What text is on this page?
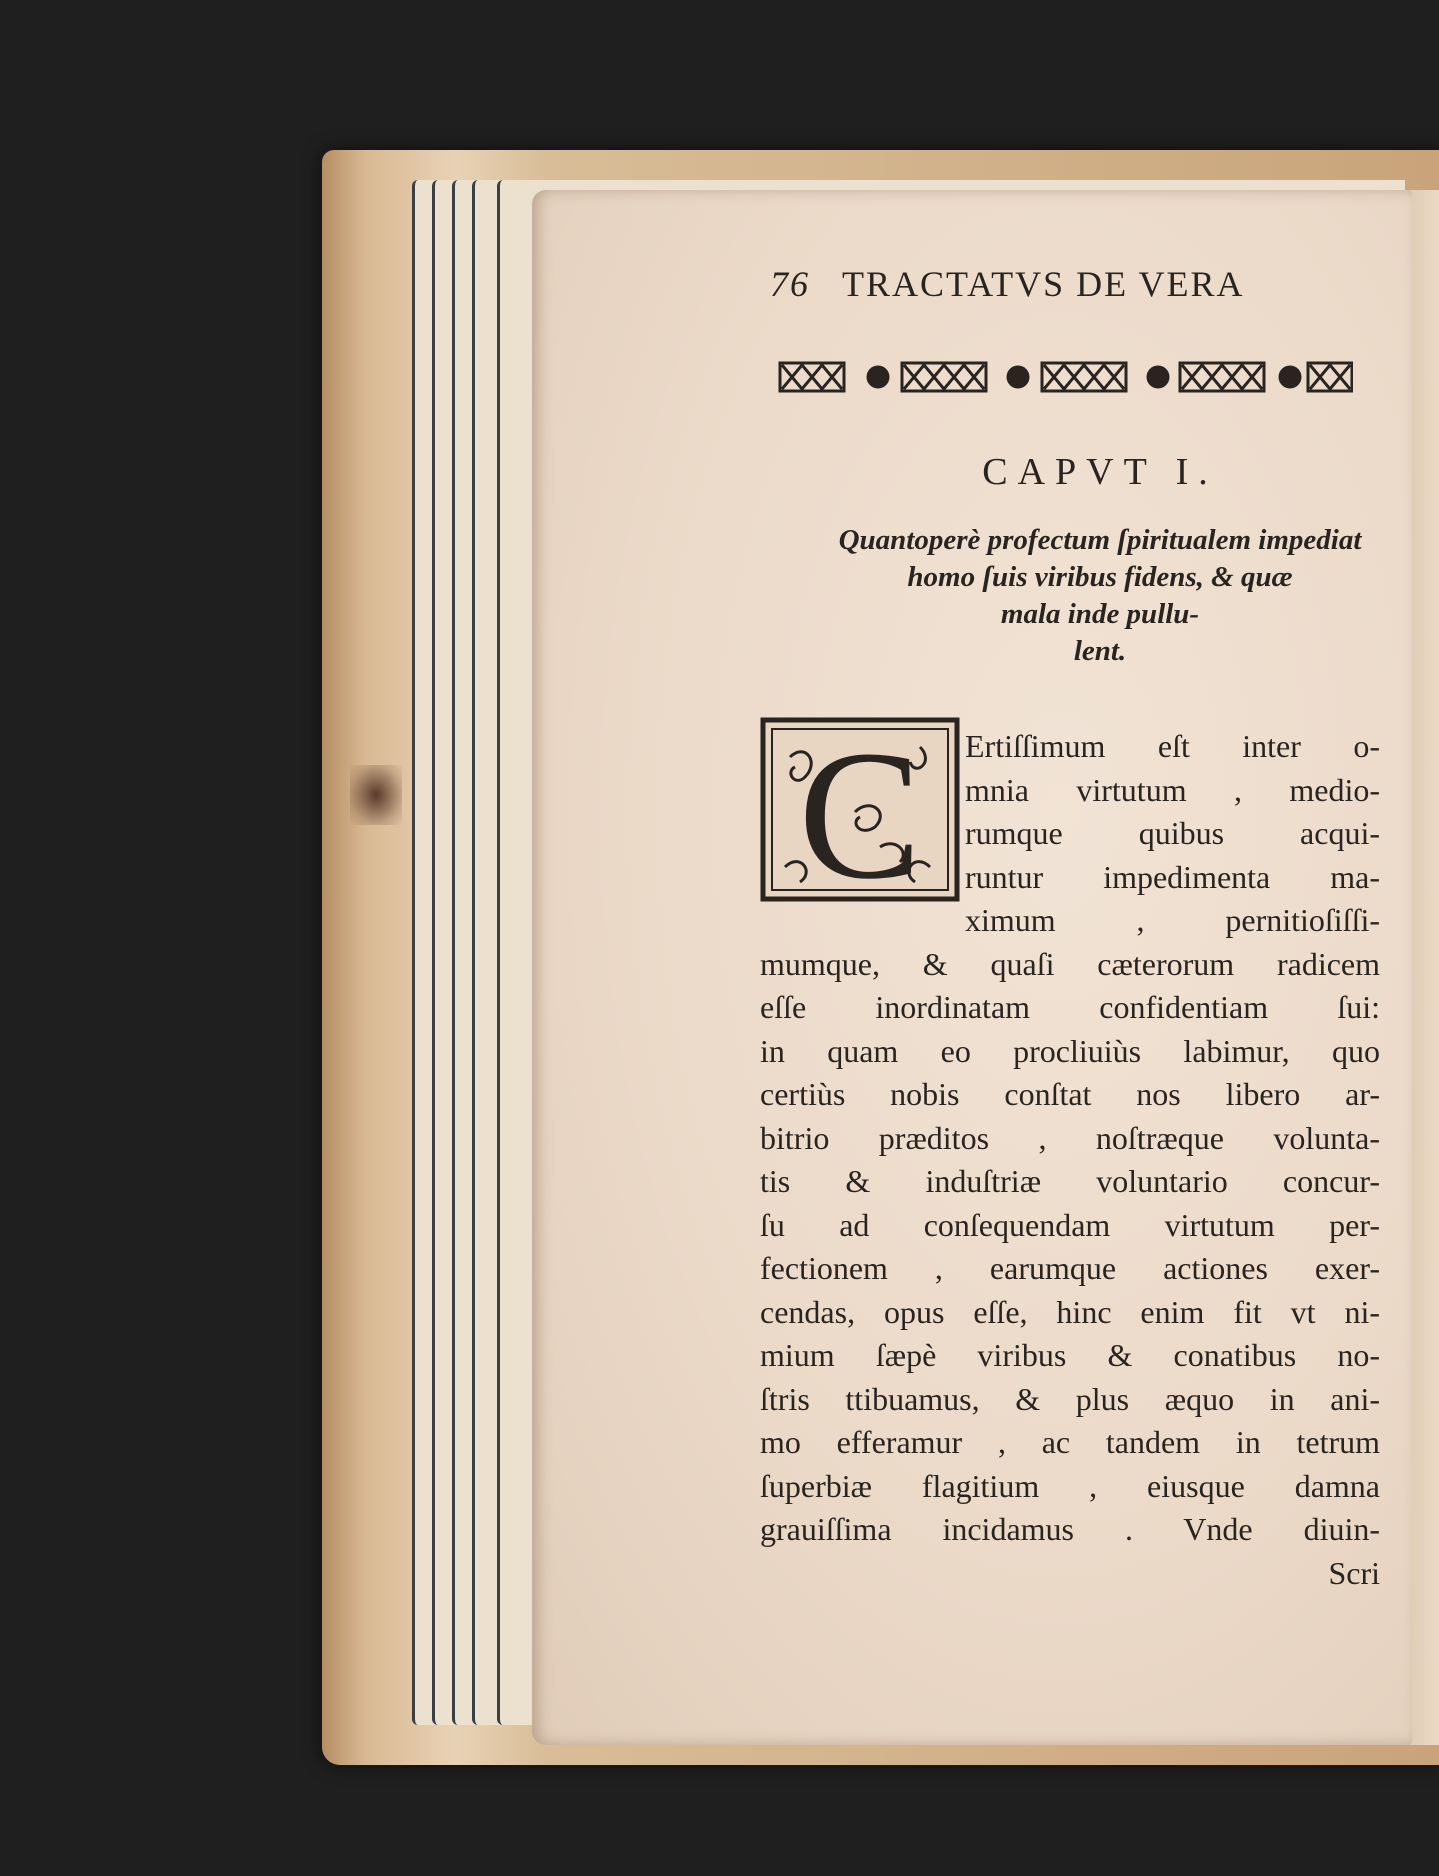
76 TRACTATVS DE VERA
CAPVT I.
Quantoperè profectum ſpiritualem impediat
homo ſuis viribus fidens, & quæ
mala inde pullu-
lent.
C	Ertiſſimum eſt inter o-
mnia virtutum , medio-
rumque quibus acqui-
runtur impedimenta ma-
ximum , pernitioſiſſi-
mumque, & quaſi cæterorum radicem
eſſe inordinatam confidentiam ſui:
in quam eo procliuiùs labimur, quo
certiùs nobis conſtat nos libero ar-
bitrio præditos , noſtræque volunta-
tis & induſtriæ voluntario concur-
ſu ad conſequendam virtutum per-
fectionem , earumque actiones exer-
cendas, opus eſſe, hinc enim fit vt ni-
mium ſæpè viribus & conatibus no-
ſtris ttibuamus, & plus æquo in ani-
mo efferamur , ac tandem in tetrum
ſuperbiæ flagitium , eiusque damna
grauiſſima incidamus . Vnde diuin-
Scri
